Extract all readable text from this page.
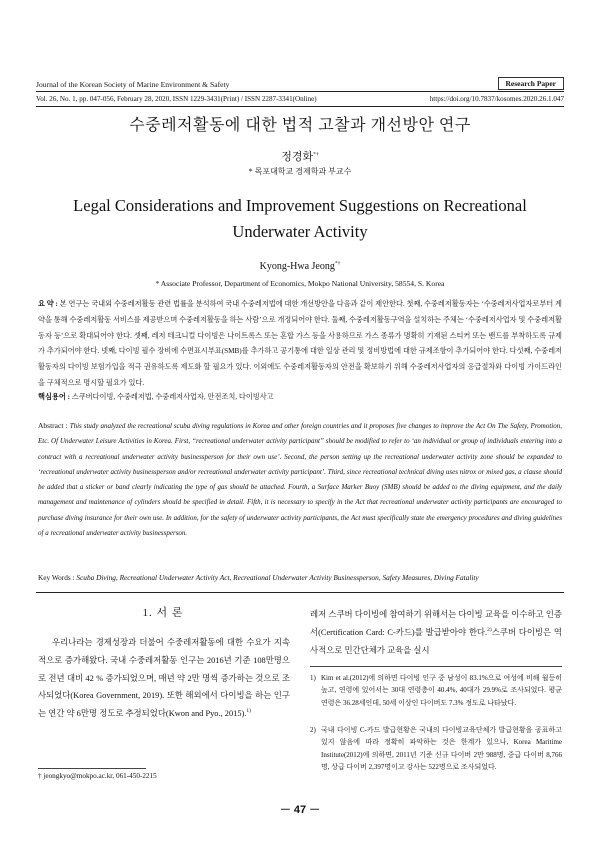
Journal of the Korean Society of Marine Environment & Safety	Research Paper
Vol. 26, No. 1, pp. 047-056, February 28, 2020, ISSN 1229-3431(Print) / ISSN 2287-3341(Online)	https://doi.org/10.7837/kosomes.2020.26.1.047
수중레저활동에 대한 법적 고찰과 개선방안 연구
정경화*†
* 목포대학교 경제학과 부교수
Legal Considerations and Improvement Suggestions on Recreational Underwater Activity
Kyong-Hwa Jeong*†
* Associate Professor, Department of Economics, Mokpo National University, 58554, S. Korea
요 약 : 본 연구는 국내외 수중레저활동 관련 법률을 분석하여 국내 수중레저법에 대한 개선방안을 다음과 같이 제안한다. 첫째, 수중레저활동자는 ‘수중레저사업자로부터 계약을 통해 수중레저활동 서비스를 제공받으며 수중레저활동을 하는 사람’으로 개정되어야 한다. 둘째, 수중레저활동구역을 설치하는 주체는 ‘수중레저사업자 및 수중레저활동자 등’으로 확대되어야 한다. 셋째, 레저 테크니컬 다이빙은 나이트록스 또는 혼합 가스 등을 사용하므로 가스 종류가 명확히 기재된 스티커 또는 밴드를 부착하도록 규제가 추가되어야 한다. 넷째, 다이빙 필수 장비에 수면표시부표(SMB)를 추가하고 공기통에 대한 일상 관리 및 정비방법에 대한 규제조항이 추가되어야 한다. 다섯째, 수중레저활동자의 다이빙 보험가입을 적극 권유하도록 제도화 할 필요가 있다. 이외에도 수중레저활동자의 안전을 확보하기 위해 수중레저사업자의 응급절차와 다이빙 가이드라인을 구체적으로 명시할 필요가 있다.
핵심용어 : 스쿠버다이빙, 수중레저법, 수중레저사업자, 안전조치, 다이빙사고
Abstract : This study analyzed the recreational scuba diving regulations in Korea and other foreign countries and it proposes five changes to improve the Act On The Safety, Promotion, Etc. Of Underwater Leisure Activities in Korea. First, “recreational underwater activity participant” should be modified to refer to ‘an individual or group of individuals entering into a contract with a recreational underwater activity businessperson for their own use’. Second, the person setting up the recreational underwater activity zone should be expanded to ‘recreational underwater activity businessperson and/or recreational underwater activity participant’. Third, since recreational technical diving uses nitrox or mixed gas, a clause should be added that a sticker or band clearly indicating the type of gas should be attached. Fourth, a Surface Marker Buoy (SMB) should be added to the diving equipment, and the daily management and maintenance of cylinders should be specified in detail. Fifth, it is necessary to specify in the Act that recreational underwater activity participants are encouraged to purchase diving insurance for their own use. In addition, for the safety of underwater activity participants, the Act must specifically state the emergency procedures and diving guidelines of a recreational underwater activity businessperson.
Key Words : Scuba Diving, Recreational Underwater Activity Act, Recreational Underwater Activity Businessperson, Safety Measures, Diving Fatality
1. 서 론

우리나라는 경제성장과 더불어 수중레저활동에 대한 수요가 지속적으로 증가해왔다. 국내 수중레저활동 인구는 2016년 기준 108만명으로 전년 대비 42 % 증가되었으며, 매년 약 2만 명씩 증가하는 것으로 조사되었다(Korea Government, 2019). 또한 해외에서 다이빙을 하는 인구는 연간 약 6만명 정도로 추정되었다(Kwon and Pyo., 2015).$^{1)}$

레저 스쿠버 다이빙에 참여하기 위해서는 다이빙 교육을 이수하고 인증서(Certification Card: C-카드)를 발급받아야 한다.$^{2)}$스쿠버 다이빙은 역사적으로 민간단체가 교육을 실시

1) Kim et al.(2012)에 의하면 다이빙 인구 중 남성이 83.1%으로 여성에 비해 월등히 높고, 연령에 있어서는 30대 연령층이 40.4%, 40대가 29.9%로 조사되었다. 평균 연령은 36.28세인데, 50세 이상인 다이버도 7.3% 정도로 나타났다.
2) 국내 다이빙 C-카드 발급현황은 국내의 다이빙교육단체가 발급현황을 공표하고 있지 않음에 따라 정확히 파악하는 것은 한계가 있으나, Korea Maritime Institute(2012)에 의하면, 2011년 기준 신규 다이버 2만 988명, 중급 다이버 8,766명, 상급 다이버 2,397명이고 강사는 522명으로 조사되었다.
† jeongkyo@mokpo.ac.kr, 061-450-2215
－ 47 －
